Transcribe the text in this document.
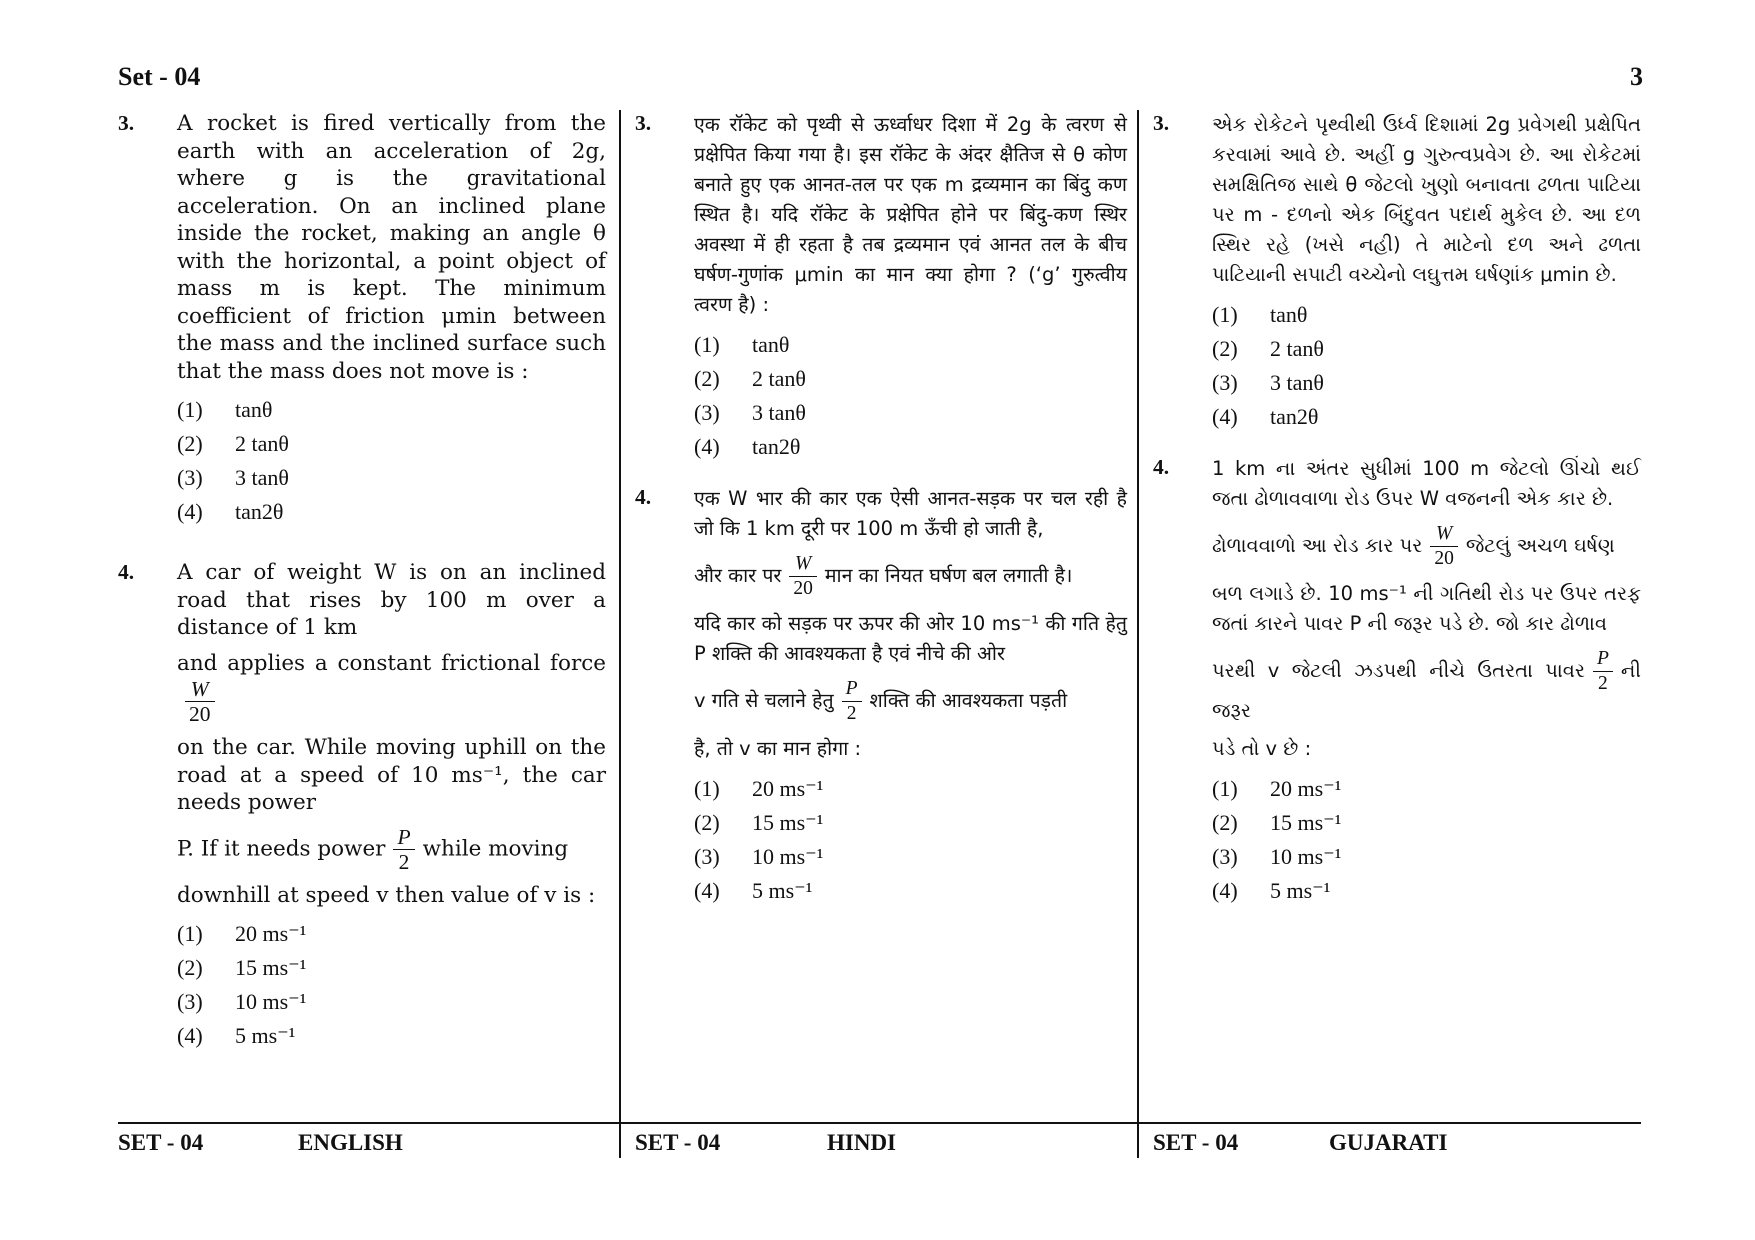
Set - 04	3
3. A rocket is fired vertically from the earth with an acceleration of 2g, where g is the gravitational acceleration. On an inclined plane inside the rocket, making an angle θ with the horizontal, a point object of mass m is kept. The minimum coefficient of friction μmin between the mass and the inclined surface such that the mass does not move is :
(1)	tanθ
(2)	2 tanθ
(3)	3 tanθ
(4)	tan2θ
4. A car of weight W is on an inclined road that rises by 100 m over a distance of 1 km
and applies a constant frictional force
$\frac{W}{20}$
on the car. While moving uphill on the road at a speed of 10 ms⁻¹, the car needs power
P. If it needs power $\frac{P}{2}$ while moving
downhill at speed v then value of v is :
(1)	20 ms⁻¹
(2)	15 ms⁻¹
(3)	10 ms⁻¹
(4)	5 ms⁻¹
3. एक रॉकेट को पृथ्वी से ऊर्ध्वाधर दिशा में 2g के त्वरण से प्रक्षेपित किया गया है। इस रॉकेट के अंदर क्षैतिज से θ कोण बनाते हुए एक आनत-तल पर एक m द्रव्यमान का बिंदु कण स्थित है। यदि रॉकेट के प्रक्षेपित होने पर बिंदु-कण स्थिर अवस्था में ही रहता है तब द्रव्यमान एवं आनत तल के बीच घर्षण-गुणांक μmin का मान क्या होगा ? (‘g’ गुरुत्वीय त्वरण है) :
(1)	tanθ
(2)	2 tanθ
(3)	3 tanθ
(4)	tan2θ
4. एक W भार की कार एक ऐसी आनत-सड़क पर चल रही है जो कि 1 km दूरी पर 100 m ऊँची हो जाती है,
और कार पर $\frac{W}{20}$ मान का नियत घर्षण बल लगाती है।
यदि कार को सड़क पर ऊपर की ओर 10 ms⁻¹ की गति हेतु P शक्ति की आवश्यकता है एवं नीचे की ओर
v गति से चलाने हेतु $\frac{P}{2}$ शक्ति की आवश्यकता पड़ती
है, तो v का मान होगा :
(1)	20 ms⁻¹
(2)	15 ms⁻¹
(3)	10 ms⁻¹
(4)	5 ms⁻¹
3. એક રોકેટને પૃથ્વીથી ઉર્ધ્વ દિશામાં 2g પ્રવેગથી પ્રક્ષેપિત કરવામાં આવે છે. અહીં g ગુરુત્વપ્રવેગ છે. આ રોકેટમાં સમક્ષિતિજ સાથે θ જેટલો ખુણો બનાવતા ઢળતા પાટિયા પર m - દળનો એક બિંદુવત પદાર્થ મુકેલ છે. આ દળ સ્થિર રહે (ખસે નહી) તે માટેનો દળ અને ઢળતા પાટિયાની સપાટી વચ્ચેનો લઘુત્તમ ઘર્ષણાંક μmin છે.
(1)	tanθ
(2)	2 tanθ
(3)	3 tanθ
(4)	tan2θ
4. 1 km ના અંતર સુધીમાં 100 m જેટલો ઊંચો થઈ જતા ઢોળાવવાળા રોડ ઉપર W વજનની એક કાર છે.
ઢોળાવવાળો આ રોડ કાર પર $\frac{W}{20}$ જેટલું અચળ ઘર્ષણ
બળ લગાડે છે. 10 ms⁻¹ ની ગતિથી રોડ પર ઉપર તરફ જતાં કારને પાવર P ની જરૂર પડે છે. જો કાર ઢોળાવ
પરથી v જેટલી ઝડપથી નીચે ઉતરતા પાવર $\frac{P}{2}$ ની જરૂર
પડે તો v છે :
(1)	20 ms⁻¹
(2)	15 ms⁻¹
(3)	10 ms⁻¹
(4)	5 ms⁻¹
SET - 04	ENGLISH	SET - 04	HINDI	SET - 04	GUJARATI
